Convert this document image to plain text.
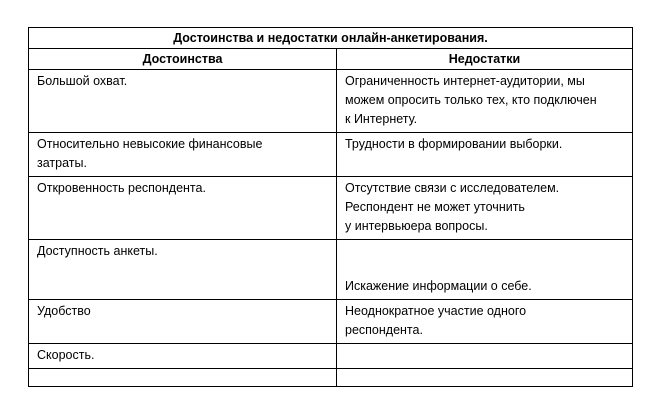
Достоинства и недостатки онлайн-анкетирования.	
Достоинства	Недостатки

Большой охват.	Ограниченность интернет-аудитории, мы
можем опросить только тех, кто подключен
к Интернету.

Относительно невысокие финансовые
затраты.	Трудности в формировании выборки.

Откровенность респондента.	Отсутствие связи с исследователем.
Респондент не может уточнить
у интервьюера вопросы.

Доступность анкеты.	Искажение информации о себе.

Удобство	Неоднократное участие одного
респондента.

Скорость.	
